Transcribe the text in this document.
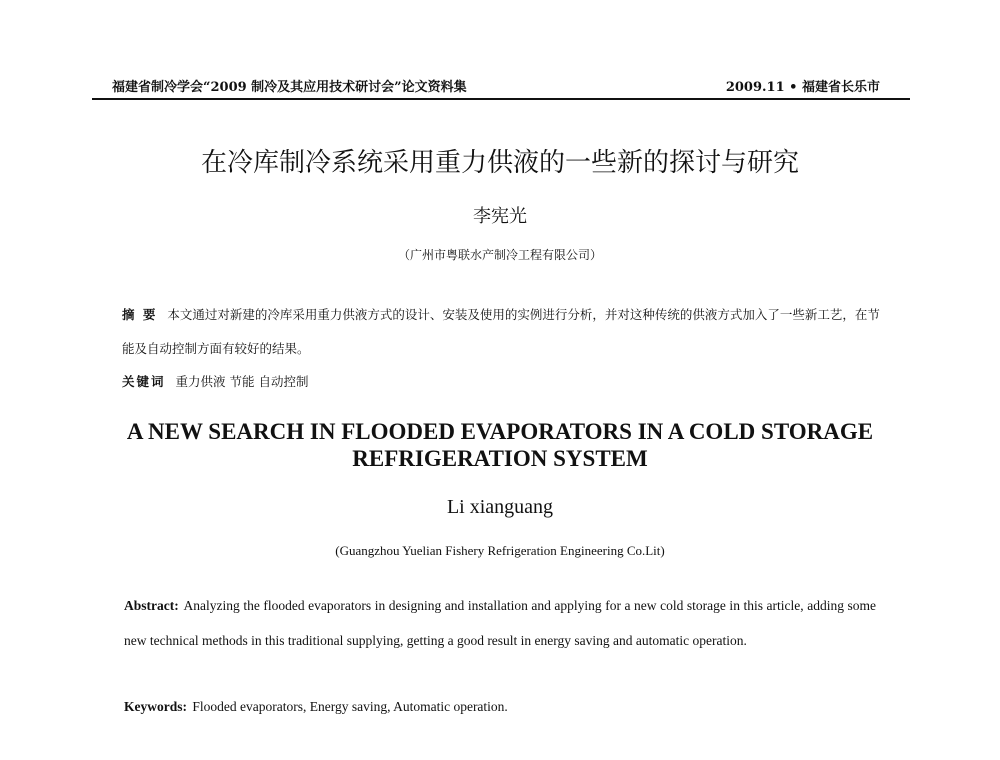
福建省制冷学会“2009 制冷及其应用技术研讨会”论文资料集	2009.11 • 福建省长乐市
在冷库制冷系统采用重力供液的一些新的探讨与研究
李宪光
（广州市粤联水产制冷工程有限公司）
摘 要 本文通过对新建的冷库采用重力供液方式的设计、安装及使用的实例进行分析，并对这种传统的供液方式加入了一些新工艺，在节能及自动控制方面有较好的结果。
关键词 重力供液 节能 自动控制
A NEW SEARCH IN FLOODED EVAPORATORS IN A COLD STORAGE REFRIGERATION SYSTEM
Li xianguang
(Guangzhou Yuelian Fishery Refrigeration Engineering Co.Lit)
Abstract: Analyzing the flooded evaporators in designing and installation and applying for a new cold storage in this article, adding some new technical methods in this traditional supplying, getting a good result in energy saving and automatic operation.
Keywords: Flooded evaporators, Energy saving, Automatic operation.
